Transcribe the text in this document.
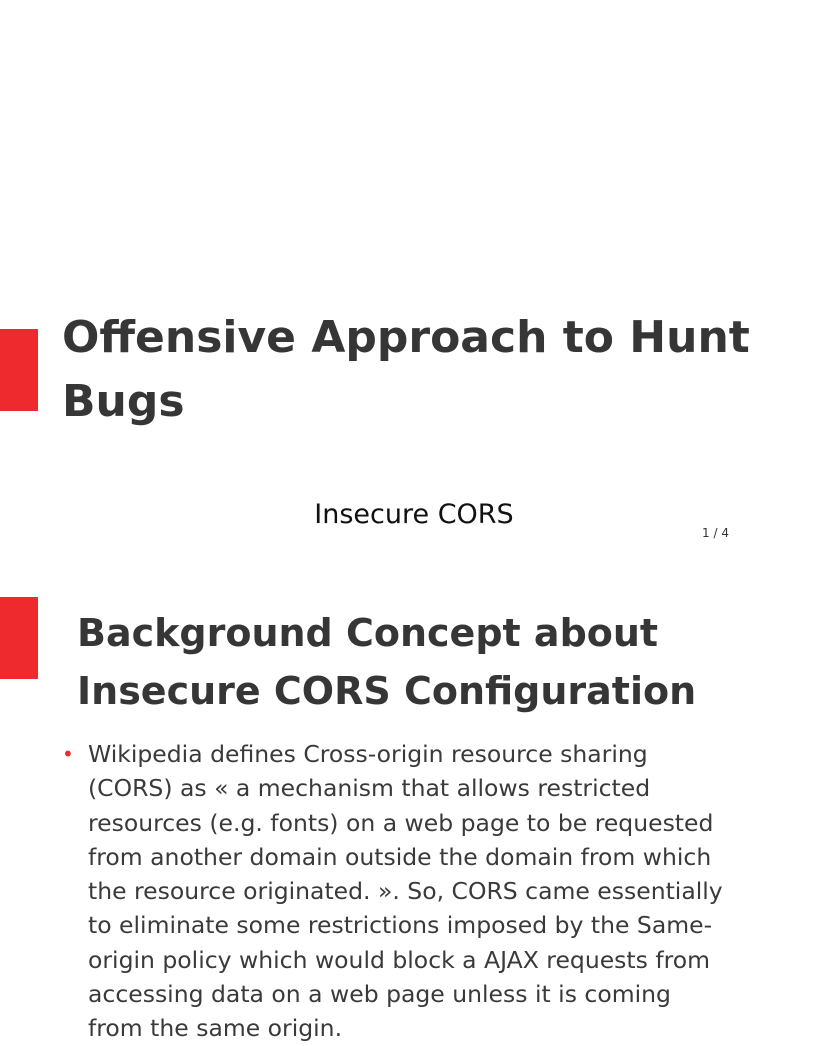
Offensive Approach to Hunt Bugs
Insecure CORS
1 / 4
Background Concept about Insecure CORS Configuration
• Wikipedia defines Cross-origin resource sharing (CORS) as « a mechanism that allows restricted resources (e.g. fonts) on a web page to be requested from another domain outside the domain from which the resource originated. ». So, CORS came essentially to eliminate some restrictions imposed by the Same-origin policy which would block a AJAX requests from accessing data on a web page unless it is coming from the same origin.
